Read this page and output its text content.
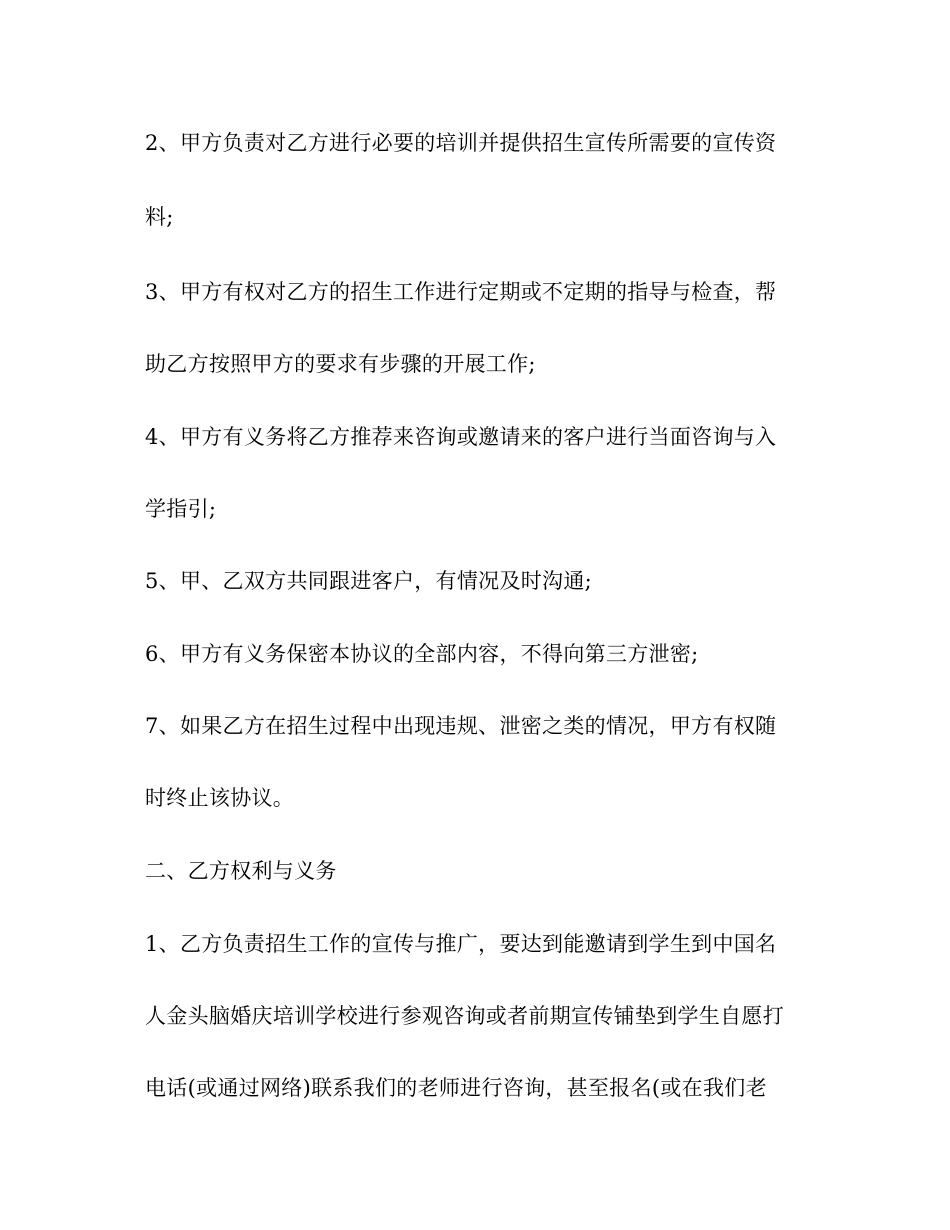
2、甲方负责对乙方进行必要的培训并提供招生宣传所需要的宣传资
料;
3、甲方有权对乙方的招生工作进行定期或不定期的指导与检查，帮
助乙方按照甲方的要求有步骤的开展工作;
4、甲方有义务将乙方推荐来咨询或邀请来的客户进行当面咨询与入
学指引;
5、甲、乙双方共同跟进客户，有情况及时沟通;
6、甲方有义务保密本协议的全部内容，不得向第三方泄密;
7、如果乙方在招生过程中出现违规、泄密之类的情况，甲方有权随
时终止该协议。
二、乙方权利与义务
1、乙方负责招生工作的宣传与推广，要达到能邀请到学生到中国名
人金头脑婚庆培训学校进行参观咨询或者前期宣传铺垫到学生自愿打
电话(或通过网络)联系我们的老师进行咨询，甚至报名(或在我们老
